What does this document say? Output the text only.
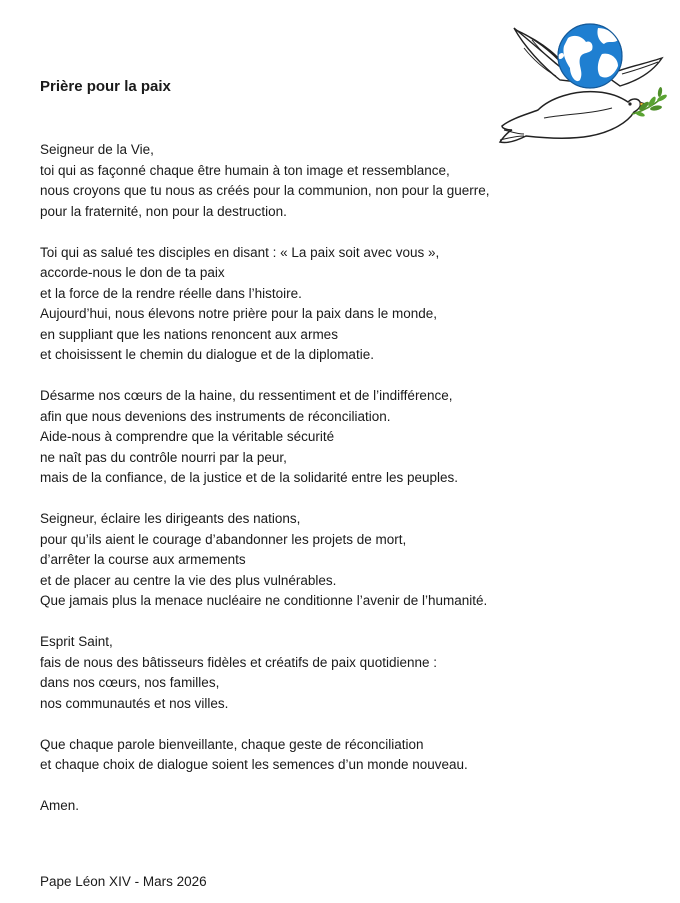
Prière pour la paix
Seigneur de la Vie,
toi qui as façonné chaque être humain à ton image et ressemblance,
nous croyons que tu nous as créés pour la communion, non pour la guerre,
pour la fraternité, non pour la destruction.
Toi qui as salué tes disciples en disant : « La paix soit avec vous »,
accorde-nous le don de ta paix
et la force de la rendre réelle dans l’histoire.
Aujourd’hui, nous élevons notre prière pour la paix dans le monde,
en suppliant que les nations renoncent aux armes
et choisissent le chemin du dialogue et de la diplomatie.
Désarme nos cœurs de la haine, du ressentiment et de l’indifférence,
afin que nous devenions des instruments de réconciliation.
Aide-nous à comprendre que la véritable sécurité
ne naît pas du contrôle nourri par la peur,
mais de la confiance, de la justice et de la solidarité entre les peuples.
Seigneur, éclaire les dirigeants des nations,
pour qu’ils aient le courage d’abandonner les projets de mort,
d’arrêter la course aux armements
et de placer au centre la vie des plus vulnérables.
Que jamais plus la menace nucléaire ne conditionne l’avenir de l’humanité.
Esprit Saint,
fais de nous des bâtisseurs fidèles et créatifs de paix quotidienne :
dans nos cœurs, nos familles,
nos communautés et nos villes.
Que chaque parole bienveillante, chaque geste de réconciliation
et chaque choix de dialogue soient les semences d’un monde nouveau.
Amen.
Pape Léon XIV - Mars 2026
